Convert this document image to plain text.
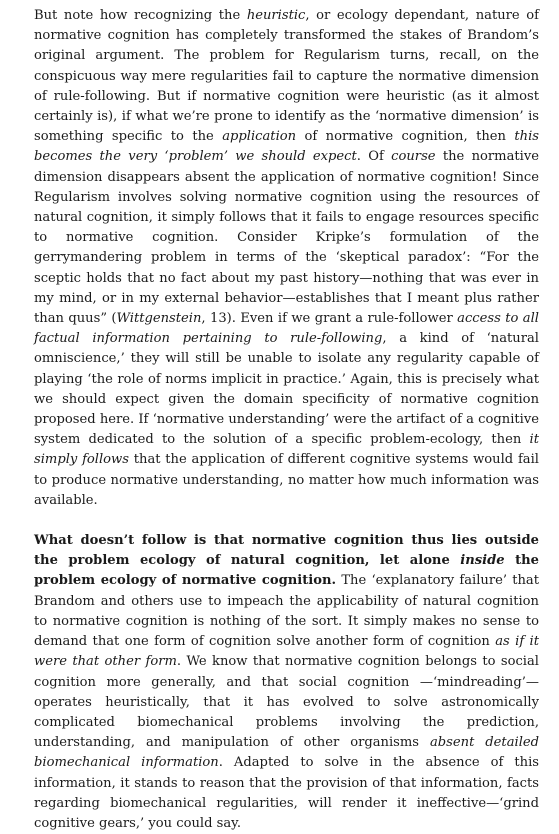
But note how recognizing the heuristic, or ecology dependant, nature of normative cognition has completely transformed the stakes of Brandom’s original argument. The problem for Regularism turns, recall, on the conspicuous way mere regularities fail to capture the normative dimension of rule-following. But if normative cognition were heuristic (as it almost certainly is), if what we’re prone to identify as the ‘normative dimension’ is something specific to the application of normative cognition, then this becomes the very ‘problem’ we should expect. Of course the normative dimension disappears absent the application of normative cognition! Since Regularism involves solving normative cognition using the resources of natural cognition, it simply follows that it fails to engage resources specific to normative cognition. Consider Kripke’s formulation of the gerrymandering problem in terms of the ‘skeptical paradox’: “For the sceptic holds that no fact about my past history—nothing that was ever in my mind, or in my external behavior—establishes that I meant plus rather than quus” (Wittgenstein, 13). Even if we grant a rule-follower access to all factual information pertaining to rule-following, a kind of ‘natural omniscience,’ they will still be unable to isolate any regularity capable of playing ‘the role of norms implicit in practice.’ Again, this is precisely what we should expect given the domain specificity of normative cognition proposed here. If ‘normative understanding’ were the artifact of a cognitive system dedicated to the solution of a specific problem-ecology, then it simply follows that the application of different cognitive systems would fail to produce normative understanding, no matter how much information was available.

What doesn’t follow is that normative cognition thus lies outside the problem ecology of natural cognition, let alone inside the problem ecology of normative cognition. The ‘explanatory failure’ that Brandom and others use to impeach the applicability of natural cognition to normative cognition is nothing of the sort. It simply makes no sense to demand that one form of cognition solve another form of cognition as if it were that other form. We know that normative cognition belongs to social cognition more generally, and that social cognition —‘mindreading’—operates heuristically, that it has evolved to solve astronomically complicated biomechanical problems involving the prediction, understanding, and manipulation of other organisms absent detailed biomechanical information. Adapted to solve in the absence of this information, it stands to reason that the provision of that information, facts regarding biomechanical regularities, will render it ineffective—‘grind cognitive gears,’ you could say.
